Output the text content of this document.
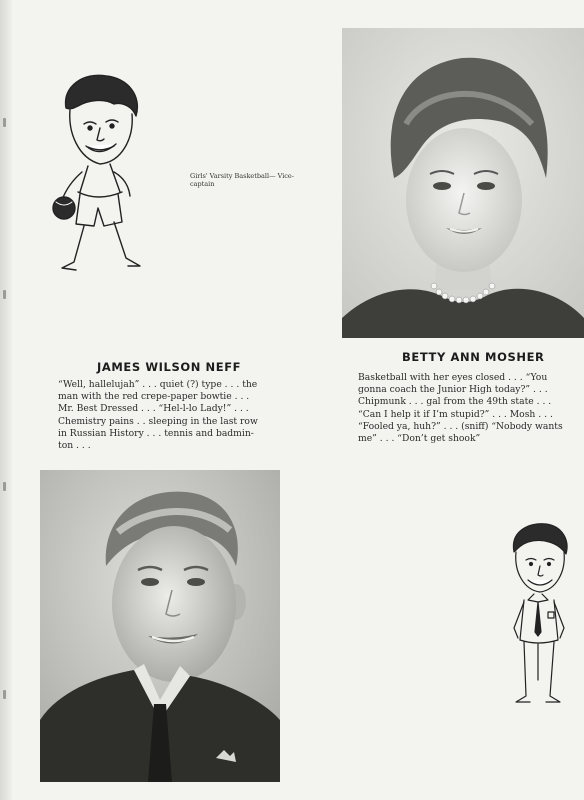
Girls' Varsity Basketball— Vice-
captain
JAMES WILSON NEFF
“Well, hallelujah” . . . quiet (?) type . . . the
man with the red crepe-paper bowtie . . .
Mr. Best Dressed . . . “Hel-l-lo Lady!” . . .
Chemistry pains . . sleeping in the last row
in Russian History . . . tennis and badmin-
ton . . .
BETTY ANN MOSHER
Basketball with her eyes closed . . . “You
gonna coach the Junior High today?” . . .
Chipmunk . . . gal from the 49th state . . .
“Can I help it if I’m stupid?” . . . Mosh . . .
“Fooled ya, huh?” . . . (sniff) “Nobody wants
me” . . . “Don’t get shook”
